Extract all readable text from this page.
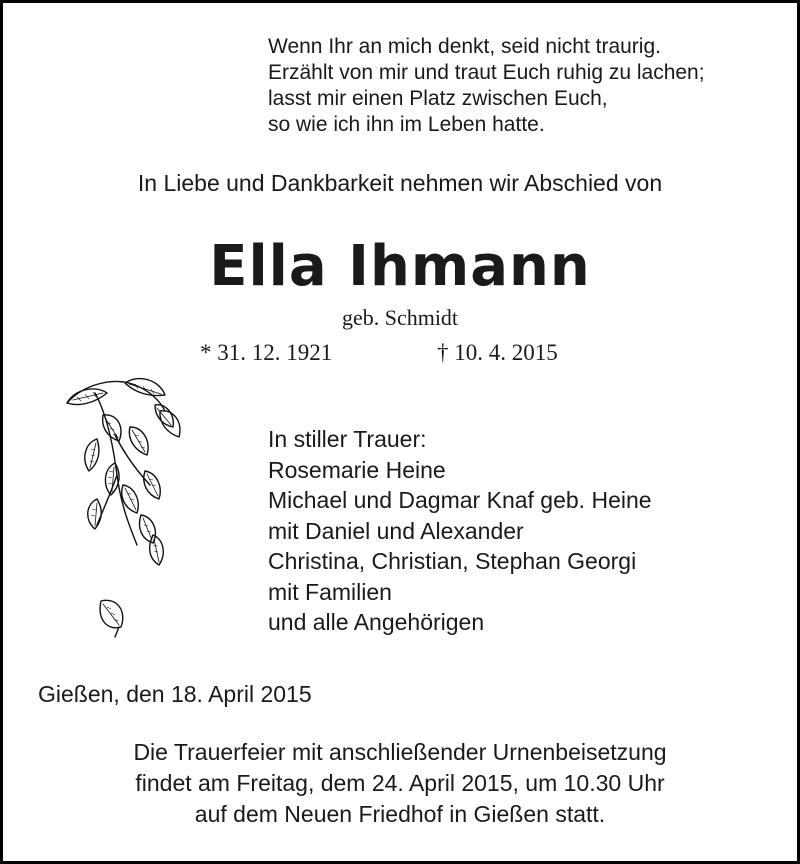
Wenn Ihr an mich denkt, seid nicht traurig.
Erzählt von mir und traut Euch ruhig zu lachen;
lasst mir einen Platz zwischen Euch,
so wie ich ihn im Leben hatte.
In Liebe und Dankbarkeit nehmen wir Abschied von
Ella Ihmann
geb. Schmidt
* 31. 12. 1921	† 10. 4. 2015
In stiller Trauer:
Rosemarie Heine
Michael und Dagmar Knaf geb. Heine
mit Daniel und Alexander
Christina, Christian, Stephan Georgi
mit Familien
und alle Angehörigen
Gießen, den 18. April 2015
Die Trauerfeier mit anschließender Urnenbeisetzung
findet am Freitag, dem 24. April 2015, um 10.30 Uhr
auf dem Neuen Friedhof in Gießen statt.
